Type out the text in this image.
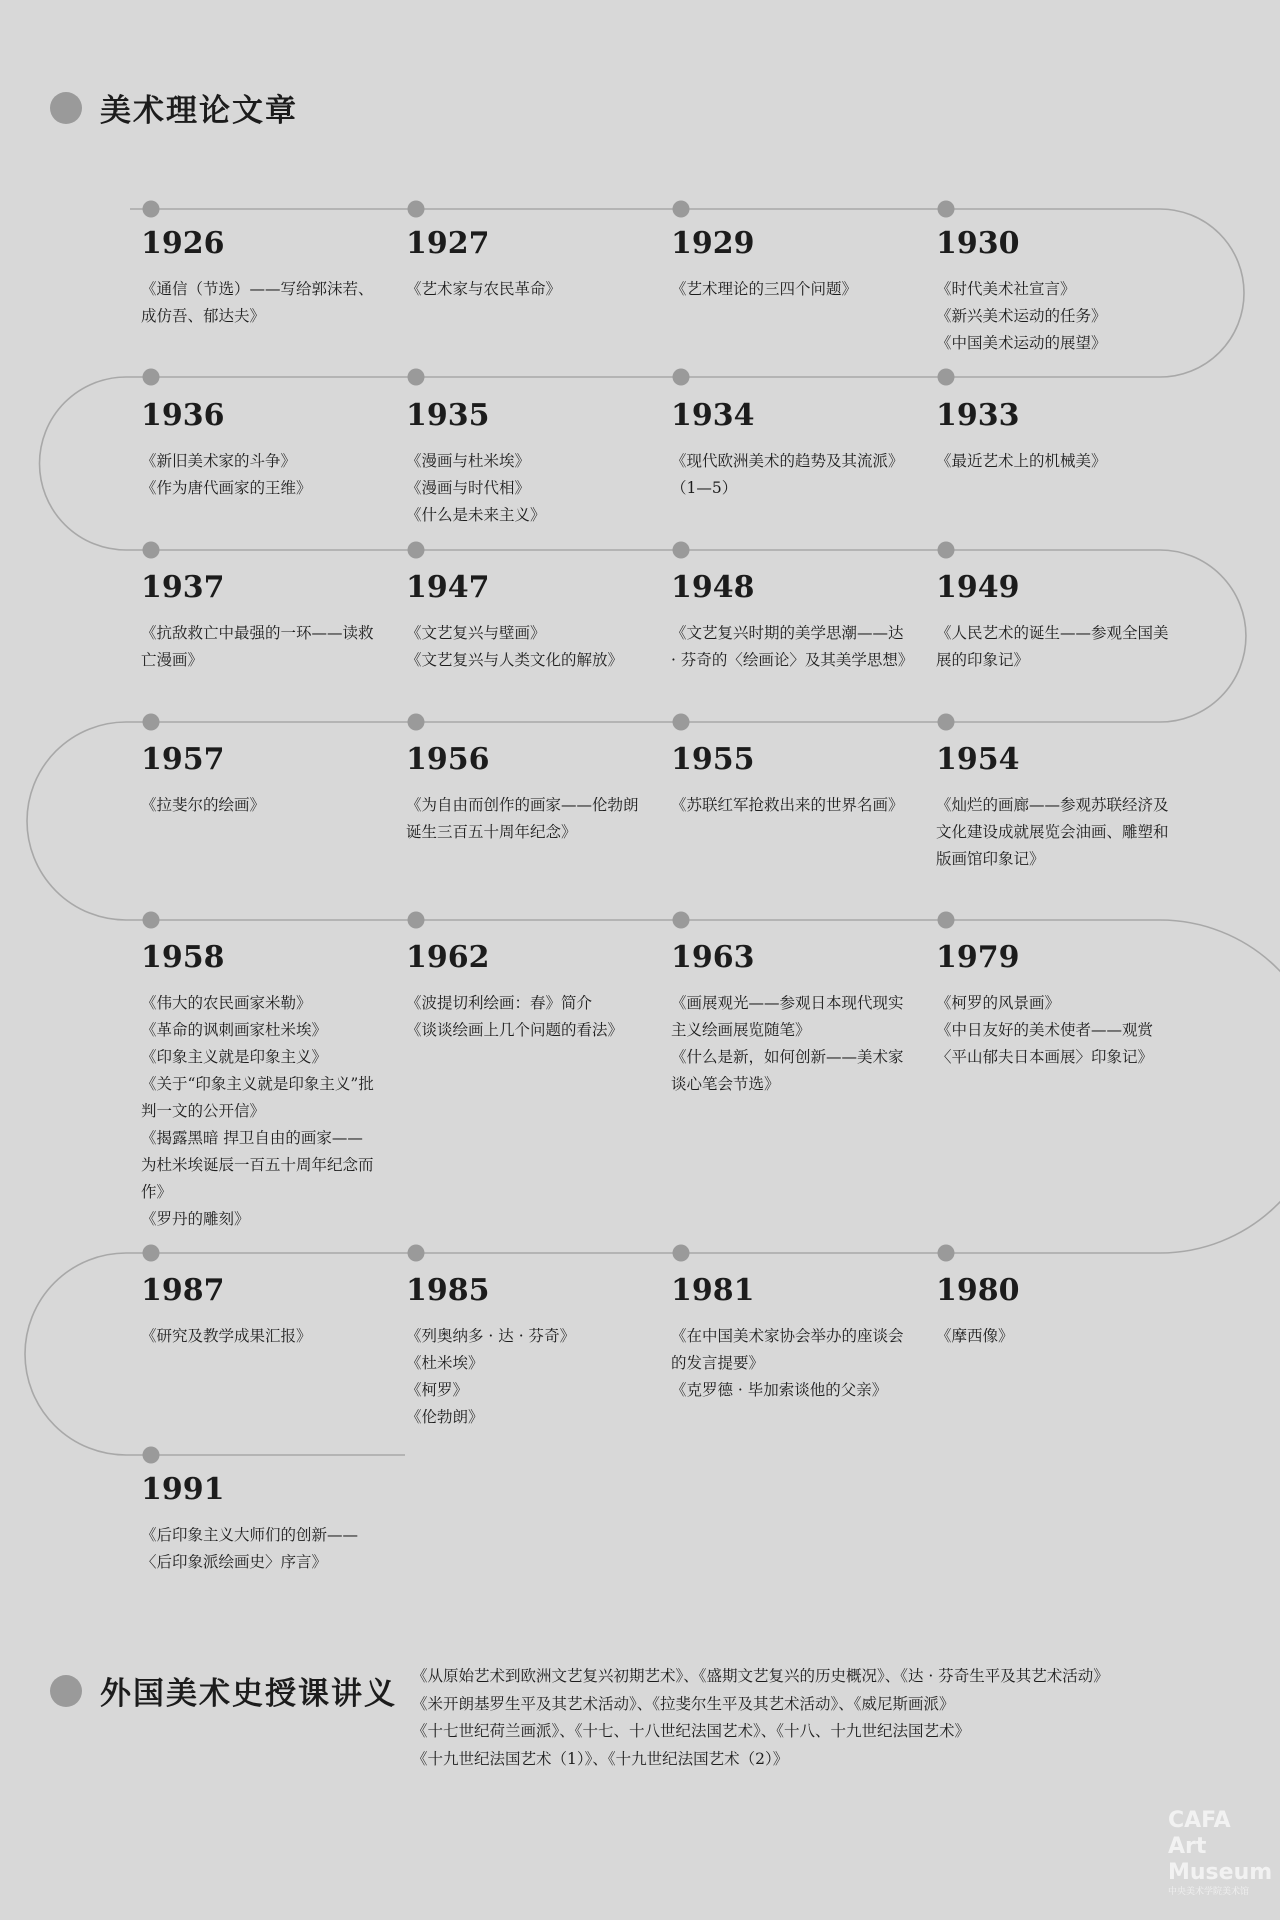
美术理论文章
1926
《通信（节选）——写给郭沫若、成仿吾、郁达夫》
1927
《艺术家与农民革命》
1929
《艺术理论的三四个问题》
1930
《时代美术社宣言》
《新兴美术运动的任务》
《中国美术运动的展望》
1936
《新旧美术家的斗争》
《作为唐代画家的王维》
1935
《漫画与杜米埃》
《漫画与时代相》
《什么是未来主义》
1934
《现代欧洲美术的趋势及其流派》（1—5）
1933
《最近艺术上的机械美》
1937
《抗敌救亡中最强的一环——读救亡漫画》
1947
《文艺复兴与壁画》
《文艺复兴与人类文化的解放》
1948
《文艺复兴时期的美学思潮——达 · 芬奇的〈绘画论〉及其美学思想》
1949
《人民艺术的诞生——参观全国美展的印象记》
1957
《拉斐尔的绘画》
1956
《为自由而创作的画家——伦勃朗诞生三百五十周年纪念》
1955
《苏联红军抢救出来的世界名画》
1954
《灿烂的画廊——参观苏联经济及文化建设成就展览会油画、雕塑和版画馆印象记》
1958
《伟大的农民画家米勒》
《革命的讽刺画家杜米埃》
《印象主义就是印象主义》
《关于“印象主义就是印象主义”批判一文的公开信》
《揭露黑暗 捍卫自由的画家——为杜米埃诞辰一百五十周年纪念而作》
《罗丹的雕刻》
1962
《波提切利绘画：春》简介
《谈谈绘画上几个问题的看法》
1963
《画展观光——参观日本现代现实主义绘画展览随笔》
《什么是新，如何创新——美术家谈心笔会节选》
1979
《柯罗的风景画》
《中日友好的美术使者——观赏〈平山郁夫日本画展〉印象记》
1987
《研究及教学成果汇报》
1985
《列奥纳多 · 达 · 芬奇》
《杜米埃》
《柯罗》
《伦勃朗》
1981
《在中国美术家协会举办的座谈会的发言提要》
《克罗德 · 毕加索谈他的父亲》
1980
《摩西像》
1991
《后印象主义大师们的创新——〈后印象派绘画史〉序言》
外国美术史授课讲义 《从原始艺术到欧洲文艺复兴初期艺术》、《盛期文艺复兴的历史概况》、《达 · 芬奇生平及其艺术活动》
《米开朗基罗生平及其艺术活动》、《拉斐尔生平及其艺术活动》、《威尼斯画派》
《十七世纪荷兰画派》、《十七、十八世纪法国艺术》、《十八、十九世纪法国艺术》
《十九世纪法国艺术（1）》、《十九世纪法国艺术（2）》
CAFA
Art
Museum
中央美术学院美术馆
